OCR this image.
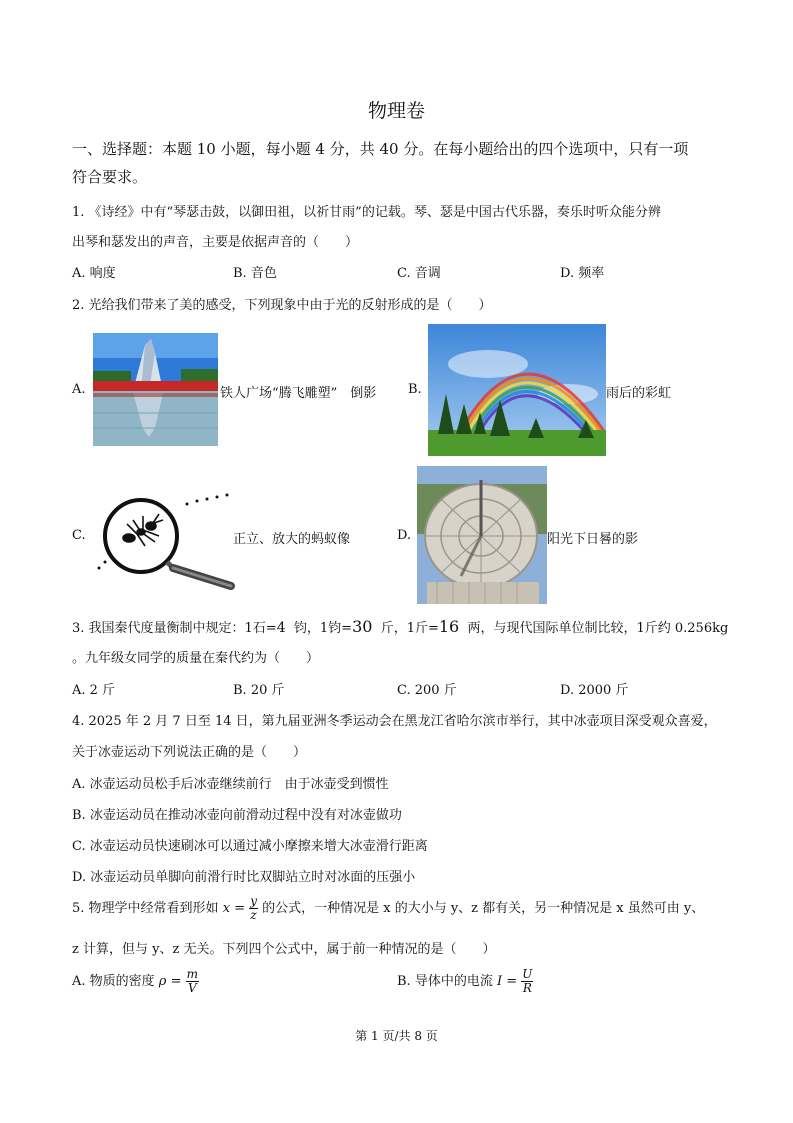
物理卷
一、选择题：本题 10 小题，每小题 4 分，共 40 分。在每小题给出的四个选项中，只有一项
符合要求。
1. 《诗经》中有“琴瑟击鼓，以御田祖，以祈甘雨”的记载。琴、瑟是中国古代乐器，奏乐时听众能分辨
出琴和瑟发出的声音，主要是依据声音的（　　）
A. 响度	B. 音色	C. 音调	D. 频率
2. 光给我们带来了美的感受，下列现象中由于光的反射形成的是（　　）
A.	铁人广场“腾飞雕塑”　倒影 B.	雨后的彩虹
C.	正立、放大的蚂蚁像	D.	阳光下日晷的影
3. 我国秦代度量衡制中规定：1石=4 钧，1钧=30 斤，1斤=16 两，与现代国际单位制比较，1斤约 0.256kg
。九年级女同学的质量在秦代约为（　　）
A. 2 斤	B. 20 斤	C. 200 斤	D. 2000 斤
4. 2025 年 2 月 7 日至 14 日，第九届亚洲冬季运动会在黑龙江省哈尔滨市举行，其中冰壶项目深受观众喜爱，
关于冰壶运动下列说法正确的是（　　）
A. 冰壶运动员松手后冰壶继续前行　由于冰壶受到惯性
B. 冰壶运动员在推动冰壶向前滑动过程中没有对冰壶做功
C. 冰壶运动员快速刷冰可以通过减小摩擦来增大冰壶滑行距离
D. 冰壶运动员单脚向前滑行时比双脚站立时对冰面的压强小
5. 物理学中经常看到形如 $x = \frac{y}{z}$ 的公式，一种情况是 x 的大小与 y、z 都有关，另一种情况是 x 虽然可由 y、
z 计算，但与 y、z 无关。下列四个公式中，属于前一种情况的是（　　）
A. 物质的密度 $\rho = \frac{m}{V}$	B. 导体中的电流 $I = \frac{U}{R}$
第 1 页/共 8 页
